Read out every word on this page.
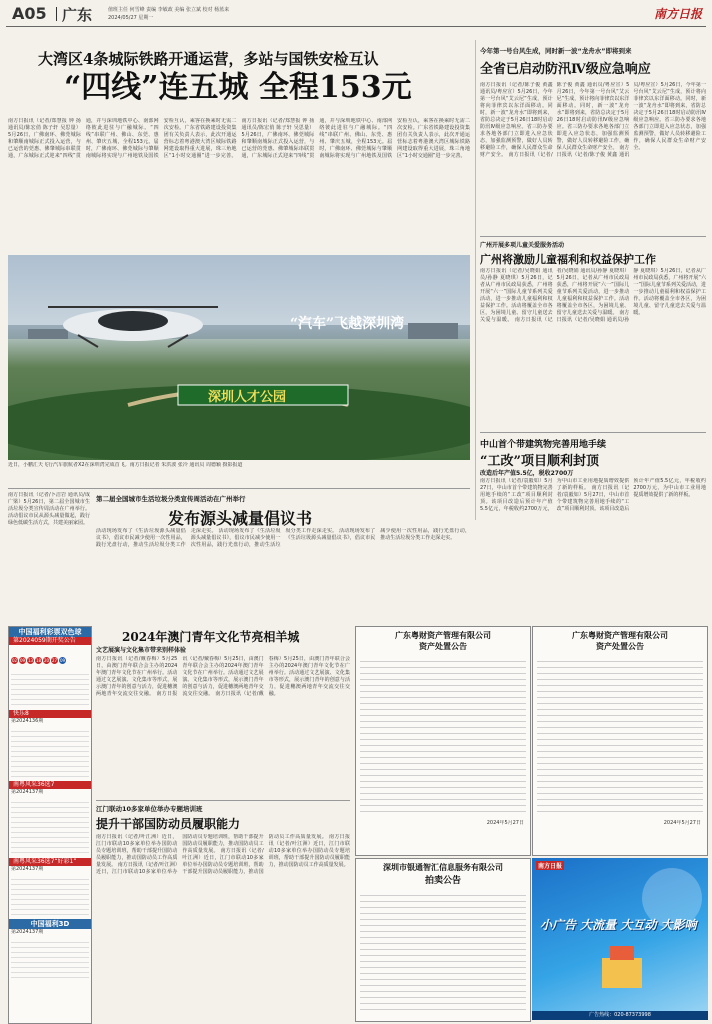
A05 广东	值班主任 何雪峰 责编 李敏政 美编 张立斌 校对 杨蓝来
2024/05/27 星期一	南方日报
大湾区4条城际铁路开通运营，多站与国铁安检互认
“四线”连五城 全程153元
南方日报讯（记者/郑慧报 钟 扬 通讯员/陈宏俏 陈子轩 吴思量）5月26日，广佛南环、佛莞城际和肇顺南城际正式投入运营，与已运营的莞惠、佛肇城际串联贯通，广东城际正式迎来“四线”贯通，并与深圳地铁中心、南部网络彼此进驻与广融城际。“四线”串联广州、佛山、东莞、惠州、肇庆五城，全程153元。届时，广佛南环、佛莞城际与肇顺南城际将实现与广州地铁及国铁安检互认，乘客在换乘时无需二次安检。广东省铁路建设投资集团有关负责人表示，此次开通运营标志着粤港澳大湾区城际铁路网建设取得重大进展，珠三角地区“1小时交通圈”进一步完善。 南方日报讯（记者/郑慧报 钟 扬 通讯员/陈宏俏 陈子轩 吴思量）5月26日，广佛南环、佛莞城际和肇顺南城际正式投入运营，与已运营的莞惠、佛肇城际串联贯通，广东城际正式迎来“四线”贯通，并与深圳地铁中心、南部网络彼此进驻与广融城际。“四线”串联广州、佛山、东莞、惠州、肇庆五城，全程153元。届时，广佛南环、佛莞城际与肇顺南城际将实现与广州地铁及国铁安检互认，乘客在换乘时无需二次安检。广东省铁路建设投资集团有关负责人表示，此次开通运营标志着粤港澳大湾区城际铁路网建设取得重大进展，珠三角地区“1小时交通圈”进一步完善。
“汽车”飞越深圳湾
深圳人才公园
近日，小鹏汇天飞行汽车旅航者X2在深圳湾完成首飞。南方日报记者 朱洪波 张冷 通讯员 周德颖 摄影报道
今年第一号台风生成，同时新一波“龙舟水”即将到来
全省已启动防汛Ⅳ级应急响应
南方日报讯（记者/陈子俊 黄鑫 通讯员/粤应宣）5月26日，今年第一号台风“艾云尼”生成，预计将向菲律宾以东洋面移动。同时，新一波“龙舟水”即将到来，省防总决定于5月26日18时启动防汛Ⅳ级应急响应。省三防办要求各地各部门立即进入应急状态，加强监测预警，做好人员转移避险工作，确保人民群众生命财产安全。 南方日报讯（记者/陈子俊 黄鑫 通讯员/粤应宣）5月26日，今年第一号台风“艾云尼”生成，预计将向菲律宾以东洋面移动。同时，新一波“龙舟水”即将到来，省防总决定于5月26日18时启动防汛Ⅳ级应急响应。省三防办要求各地各部门立即进入应急状态，加强监测预警，做好人员转移避险工作，确保人民群众生命财产安全。 南方日报讯（记者/陈子俊 黄鑫 通讯员/粤应宣）5月26日，今年第一号台风“艾云尼”生成，预计将向菲律宾以东洋面移动。同时，新一波“龙舟水”即将到来，省防总决定于5月26日18时启动防汛Ⅳ级应急响应。省三防办要求各地各部门立即进入应急状态，加强监测预警，做好人员转移避险工作，确保人民群众生命财产安全。
广州开展多项儿童关爱服务活动
广州将激励儿童福利和权益保护工作
南方日报讯（记者/吴晓娟 通讯员/孙静 夏晓琪）5月26日，记者从广州市民政局获悉，广州将开展“六一”国际儿童节系列关爱活动，进一步推动儿童福利和权益保护工作。活动将覆盖全市各区，为困境儿童、留守儿童送去关爱与温暖。 南方日报讯（记者/吴晓娟 通讯员/孙静 夏晓琪）5月26日，记者从广州市民政局获悉，广州将开展“六一”国际儿童节系列关爱活动，进一步推动儿童福利和权益保护工作。活动将覆盖全市各区，为困境儿童、留守儿童送去关爱与温暖。 南方日报讯（记者/吴晓娟 通讯员/孙静 夏晓琪）5月26日，记者从广州市民政局获悉，广州将开展“六一”国际儿童节系列关爱活动，进一步推动儿童福利和权益保护工作。活动将覆盖全市各区，为困境儿童、留守儿童送去关爱与温暖。
中山首个带建筑物完善用地手续
“工改”项目顺利封顶
改造后年产值5.5亿，税收2700万
南方日报讯（记者/袁毅如）5月27日，中山市首个带建筑物完善用地手续的“工改”项目顺利封顶。该项目改造后预计年产值5.5亿元，年税收约2700万元，为中山市工业用地提质增效提供了新的样板。 南方日报讯（记者/袁毅如）5月27日，中山市首个带建筑物完善用地手续的“工改”项目顺利封顶。该项目改造后预计年产值5.5亿元，年税收约2700万元，为中山市工业用地提质增效提供了新的样板。
南方日报讯（记者/卜洁岩 通讯员/成广梁）5月26日，第二届全国城市生活垃圾分类宣传周活动在广州举行。活动倡议市民从源头减量做起，践行绿色低碳生活方式，共建美丽家园。
第二届全国城市生活垃圾分类宣传周活动在广州举行
发布源头减量倡议书
活动现场发布了《生活垃圾源头减量倡议书》，倡议市民减少使用一次性用品，践行光盘行动，推动生活垃圾分类工作走深走实。 活动现场发布了《生活垃圾源头减量倡议书》，倡议市民减少使用一次性用品，践行光盘行动，推动生活垃圾分类工作走深走实。 活动现场发布了《生活垃圾源头减量倡议书》，倡议市民减少使用一次性用品，践行光盘行动，推动生活垃圾分类工作走深走实。
中国福利彩票双色球
第2024059期开奖公告
02 09 13 18 20 27 09
快乐8
第2024136期
南粤风采36选7
第2024137期
南粤风采36选7“好彩1”
第2024137期
中国福利3D
第2024137期
2024年澳门青年文化节亮相羊城
文艺展演与文化集市带来别样体验
南方日报讯（记者/戴春梅）5月25日，由澳门青年联合会主办的2024年澳门青年文化节在广州举行。活动通过文艺展演、文化集市等形式，展示澳门青年的创意与活力，促进穗澳两地青年交流交往交融。 南方日报讯（记者/戴春梅）5月25日，由澳门青年联合会主办的2024年澳门青年文化节在广州举行。活动通过文艺展演、文化集市等形式，展示澳门青年的创意与活力，促进穗澳两地青年交流交往交融。 南方日报讯（记者/戴春梅）5月25日，由澳门青年联合会主办的2024年澳门青年文化节在广州举行。活动通过文艺展演、文化集市等形式，展示澳门青年的创意与活力，促进穗澳两地青年交流交往交融。
江门联动10多家单位举办专题培训班
提升干部国防动员履职能力
南方日报讯（记者/叶江洲）近日，江门市联动10多家单位举办国防动员专题培训班，帮助干部提升国防动员履职能力，推动国防动员工作高质量发展。 南方日报讯（记者/叶江洲）近日，江门市联动10多家单位举办国防动员专题培训班，帮助干部提升国防动员履职能力，推动国防动员工作高质量发展。 南方日报讯（记者/叶江洲）近日，江门市联动10多家单位举办国防动员专题培训班，帮助干部提升国防动员履职能力，推动国防动员工作高质量发展。 南方日报讯（记者/叶江洲）近日，江门市联动10多家单位举办国防动员专题培训班，帮助干部提升国防动员履职能力，推动国防动员工作高质量发展。
广东粤财资产管理有限公司
资产处置公告
2024年5月27日
广东粤财资产管理有限公司
资产处置公告
2024年5月27日
深圳市银通智汇信息服务有限公司
拍卖公告
南方日报
小广告 大流量 大互动 大影响
广告热线：020-87373998
